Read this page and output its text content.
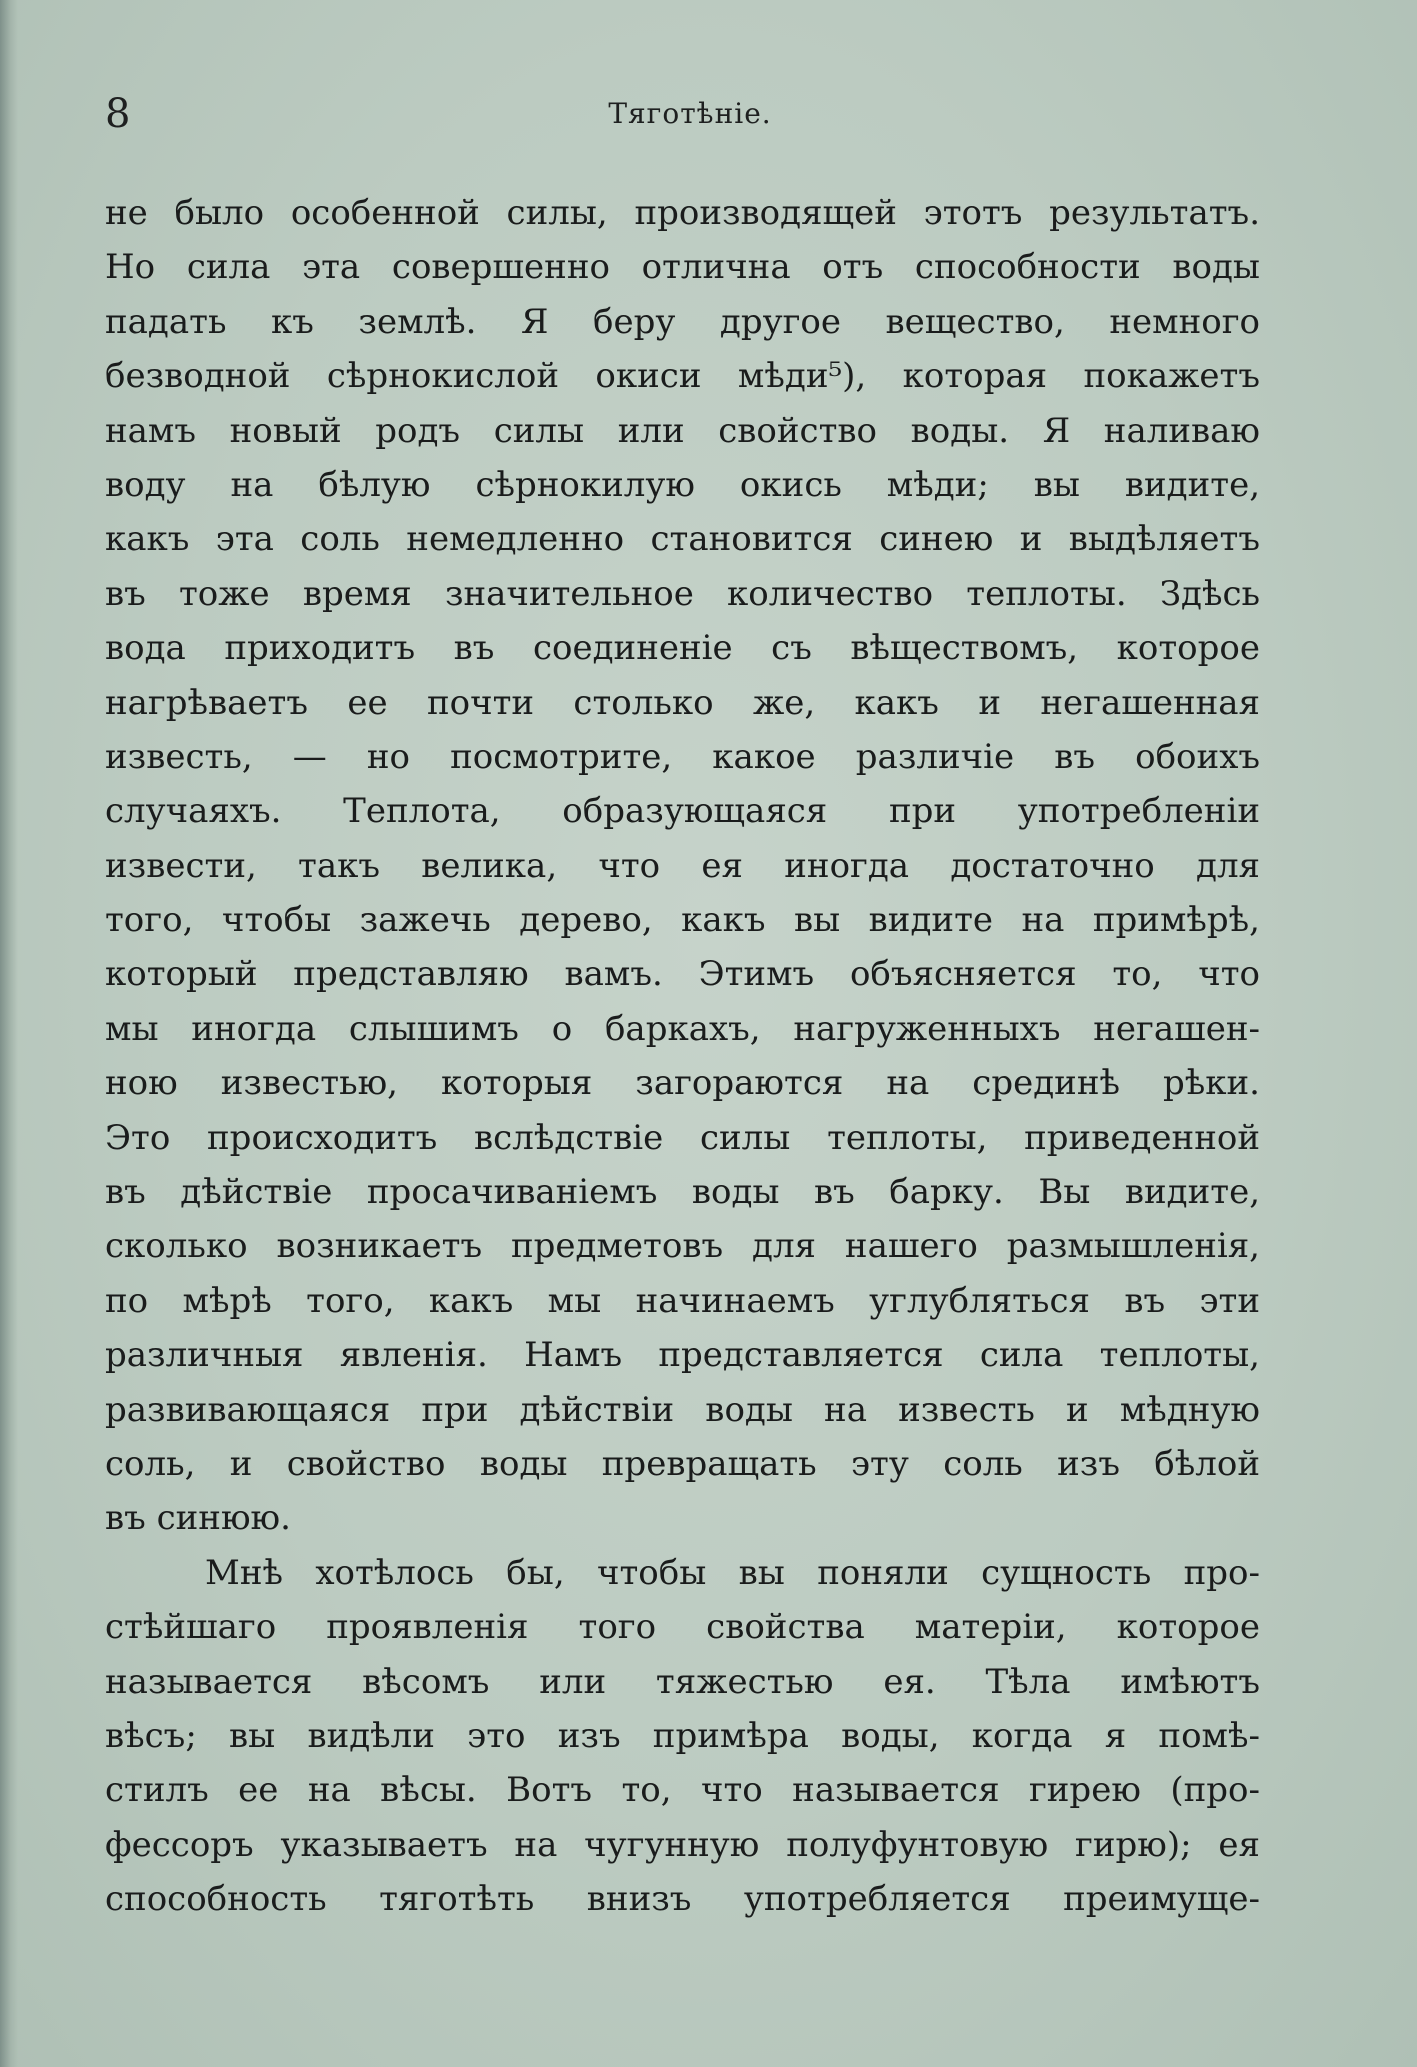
8	Тяготѣніе.
не было особенной силы, производящей этотъ результатъ.
Но сила эта совершенно отлична отъ способности воды
падать къ землѣ. Я беру другое вещество, немного
безводной сѣрнокислой окиси мѣди⁵), которая покажетъ
намъ новый родъ силы или свойство воды. Я наливаю
воду на бѣлую сѣрнокилую окись мѣди; вы видите,
какъ эта соль немедленно становится синею и выдѣляетъ
въ тоже время значительное количество теплоты. Здѣсь
вода приходитъ въ соединеніе съ вѣществомъ, которое
нагрѣваетъ ее почти столько же, какъ и негашенная
известь, — но посмотрите, какое различіе въ обоихъ
случаяхъ. Теплота, образующаяся при употребленіи
извести, такъ велика, что ея иногда достаточно для
того, чтобы зажечь дерево, какъ вы видите на примѣрѣ,
который представляю вамъ. Этимъ объясняется то, что
мы иногда слышимъ о баркахъ, нагруженныхъ негашен-
ною известью, которыя загораются на срединѣ рѣки.
Это происходитъ вслѣдствіе силы теплоты, приведенной
въ дѣйствіе просачиваніемъ воды въ барку. Вы видите,
сколько возникаетъ предметовъ для нашего размышленія,
по мѣрѣ того, какъ мы начинаемъ углубляться въ эти
различныя явленія. Намъ представляется сила теплоты,
развивающаяся при дѣйствіи воды на известь и мѣдную
соль, и свойство воды превращать эту соль изъ бѣлой
въ синюю.
Мнѣ хотѣлось бы, чтобы вы поняли сущность про-
стѣйшаго проявленія того свойства матеріи, которое
называется вѣсомъ или тяжестью ея. Тѣла имѣютъ
вѣсъ; вы видѣли это изъ примѣра воды, когда я помѣ-
стилъ ее на вѣсы. Вотъ то, что называется гирею (про-
фессоръ указываетъ на чугунную полуфунтовую гирю); ея
способность тяготѣть внизъ употребляется преимуще-
